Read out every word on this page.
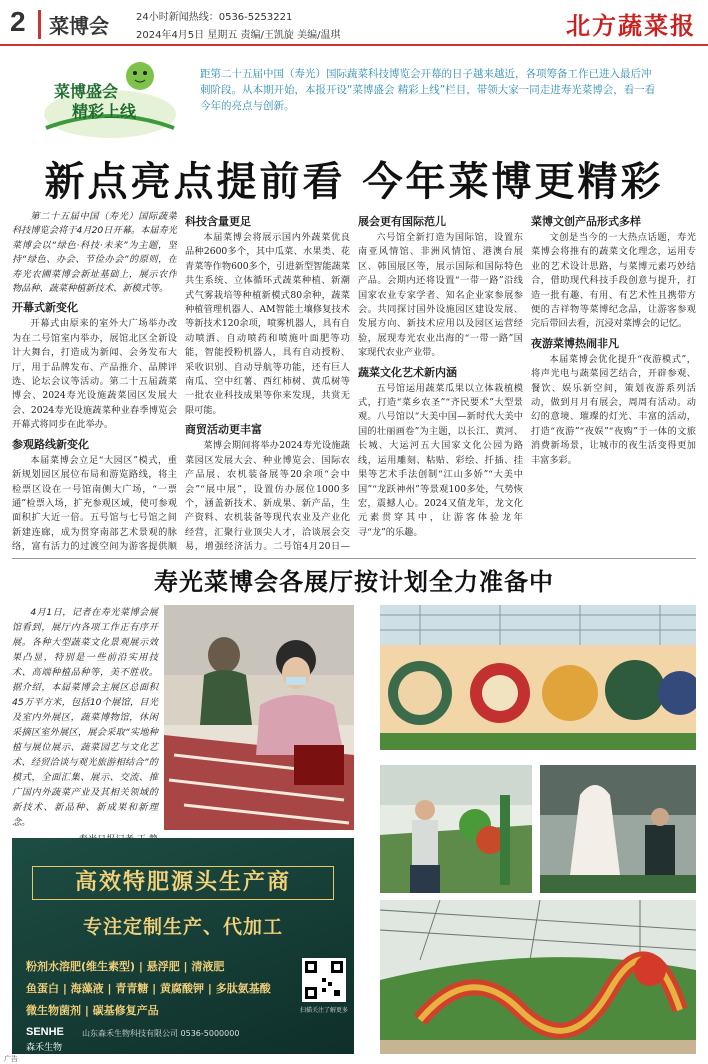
2	菜博会	24小时新闻热线：0536-5253221
2024年4月5日 星期五 责编/王凯旋 美编/温琪	北方蔬菜报
菜博盛会
精彩上线
距第二十五届中国（寿光）国际蔬菜科技博览会开幕的日子越来越近，各项筹备工作已进入最后冲刺阶段。从本期开始，本报开设“菜博盛会 精彩上线”栏目，带领大家一同走进寿光菜博会，看一看今年的亮点与创新。
新点亮点提前看 今年菜博更精彩

第二十五届中国（寿光）国际蔬菜科技博览会将于4月20日开幕。本届寿光菜博会以“绿色·科技·未来”为主题，坚持“绿色、办会、节俭办会”的原则，在寿光农圃菜博会新址基础上，展示农作物品种、蔬菜种植新技术、新模式等。

开幕式新变化

开幕式由原来的室外大广场举办改为在二号馆室内举办，展馆北区全新设计大舞台，打造成为新闻、会务发布大厅，用于品牌发布、产品推介、品牌评选、论坛会议等活动。第二十五届蔬菜博会、2024寿光设施蔬菜园区发展大会、2024寿光设施蔬菜种业春季博览会开幕式将同步在此举办。

参观路线新变化

本届菜博会立足“大园区”模式，重新规划园区展位布局和游览路线，将主检票区设在一号馆南侧大广场，“一票通”检票入场，扩充参观区域，使可参观面积扩大近一倍。五号馆与七号馆之间新建连廊，成为贯穿南部艺术景观的脉络，富有活力的过渡空间为游客提供顺

科技含量更足

本届菜博会将展示国内外蔬菜优良品种2600多个，其中瓜菜、水果类、花青菜等作物600多个，引进新型智能蔬菜共生系统、立体循环式蔬菜种植、新潮式气雾栽培等种植新模式80余种，蔬菜种植管理机器人、AM智能土壤修复技术等新技术120余项，喷雾机器人，具有自动喷洒、自动喷药和喷施叶面肥等功能，智能授粉机器人，具有自动授粉、采收识别、自动导航等功能，还有巨人南瓜、空中红薯、西红柿树、黄瓜树等一批农业科技成果等你来发现，共赏无限可能。

商贸活动更丰富

菜博会期间将举办2024寿光设施蔬菜园区发展大会、种业博览会、国际农产品展、农机装备展等20余项“会中会”“展中展”，设置仿办展位1000多个，涵盖新技术、新成果、新产品，生产资料、农机装备等现代农业及产业化经营，汇聚行业顶尖人才，洽谈展会交易，增强经济活力。二号馆4月20日—

展会更有国际范儿

六号馆全新打造为国际馆，设置东南亚风情馆、非洲风情馆、港澳台展区、韩国展区等，展示国际和国际特色产品。会期内还将设置“一带一路”沿线国家农业专家学者、知名企业家参展参会。共同探讨国外设施园区建设发展、发展方向、新技术应用以及园区运营经验，展现寿光农业出海的“一带一路”国家现代农业产业带。

蔬菜文化艺术新内涵

五号馆运用蔬菜瓜果以立体栽植模式，打造“菜乡农圣”“齐民要术”大型景观。八号馆以“大美中国—新时代大美中国的壮丽画卷”为主题，以长江、黄河、长城、大运河五大国家文化公园为路线，运用雕刻、粘贴、彩绘、扦插、挂果等艺术手法创制“江山多娇”“大美中国”“龙跃神州”等景观100多处，气势恢宏，震撼人心。2024又值龙年，龙文化元素贯穿其中，让游客体验龙年寻“龙”的乐趣。

菜博文创产品形式多样

文创是当今的一大热点话题，寿光菜博会将推有的蔬菜文化理念，运用专业的艺术设计思路，与菜博元素巧妙结合，借助现代科技手段创意与提升，打造一批有趣、有用、有艺术性且携带方便的吉祥物等菜博纪念品，让游客参观完后带回去看，沉浸对菜博会的记忆。

夜游菜博热闹非凡

本届菜博会优化提升“夜游模式”，将声光电与蔬菜园艺结合，开辟参观、餐饮、娱乐新空间，策划夜游系列活动，做到月月有展会，周周有活动。动幻的意境、璀璨的灯光、丰富的活动，打造“夜游”“夜娱”“夜购”于一体的文旅消费新场景，让城市的夜生活变得更加丰富多彩。

寿光菜博会各展厅按计划全力准备中

4月1日，记者在寿光菜博会展馆看到，展厅内各项工作正有序开展。各种大型蔬菜文化景观展示效果凸显，特别是一些前沿实用技术、高端种植品种等，美不胜收。据介绍，本届菜博会主展区总面积45万平方米，包括10个展馆，目光及室内外展区，蔬菜博物馆，休闲采摘区室外展区，展会采取“实地种植与展位展示、蔬菜园艺与文化艺术、经贸洽谈与观光旅游相结合”的模式，全面汇集、展示、交流、推广国内外蔬菜产业及其相关领域的新技术、新品种、新成果和新理念。

高效特肥源头生产商
专注定制生产、代加工
粉剂水溶肥(维生素型) | 悬浮肥 | 清液肥
鱼蛋白 | 海藻液 | 青青糖 | 黄腐酸钾 | 多肽氨基酸
微生物菌剂 | 碳基修复产品	扫描关注了解更多
SENHE
森禾生物
山东森禾生物科技有限公司 0536-5000000
广告
